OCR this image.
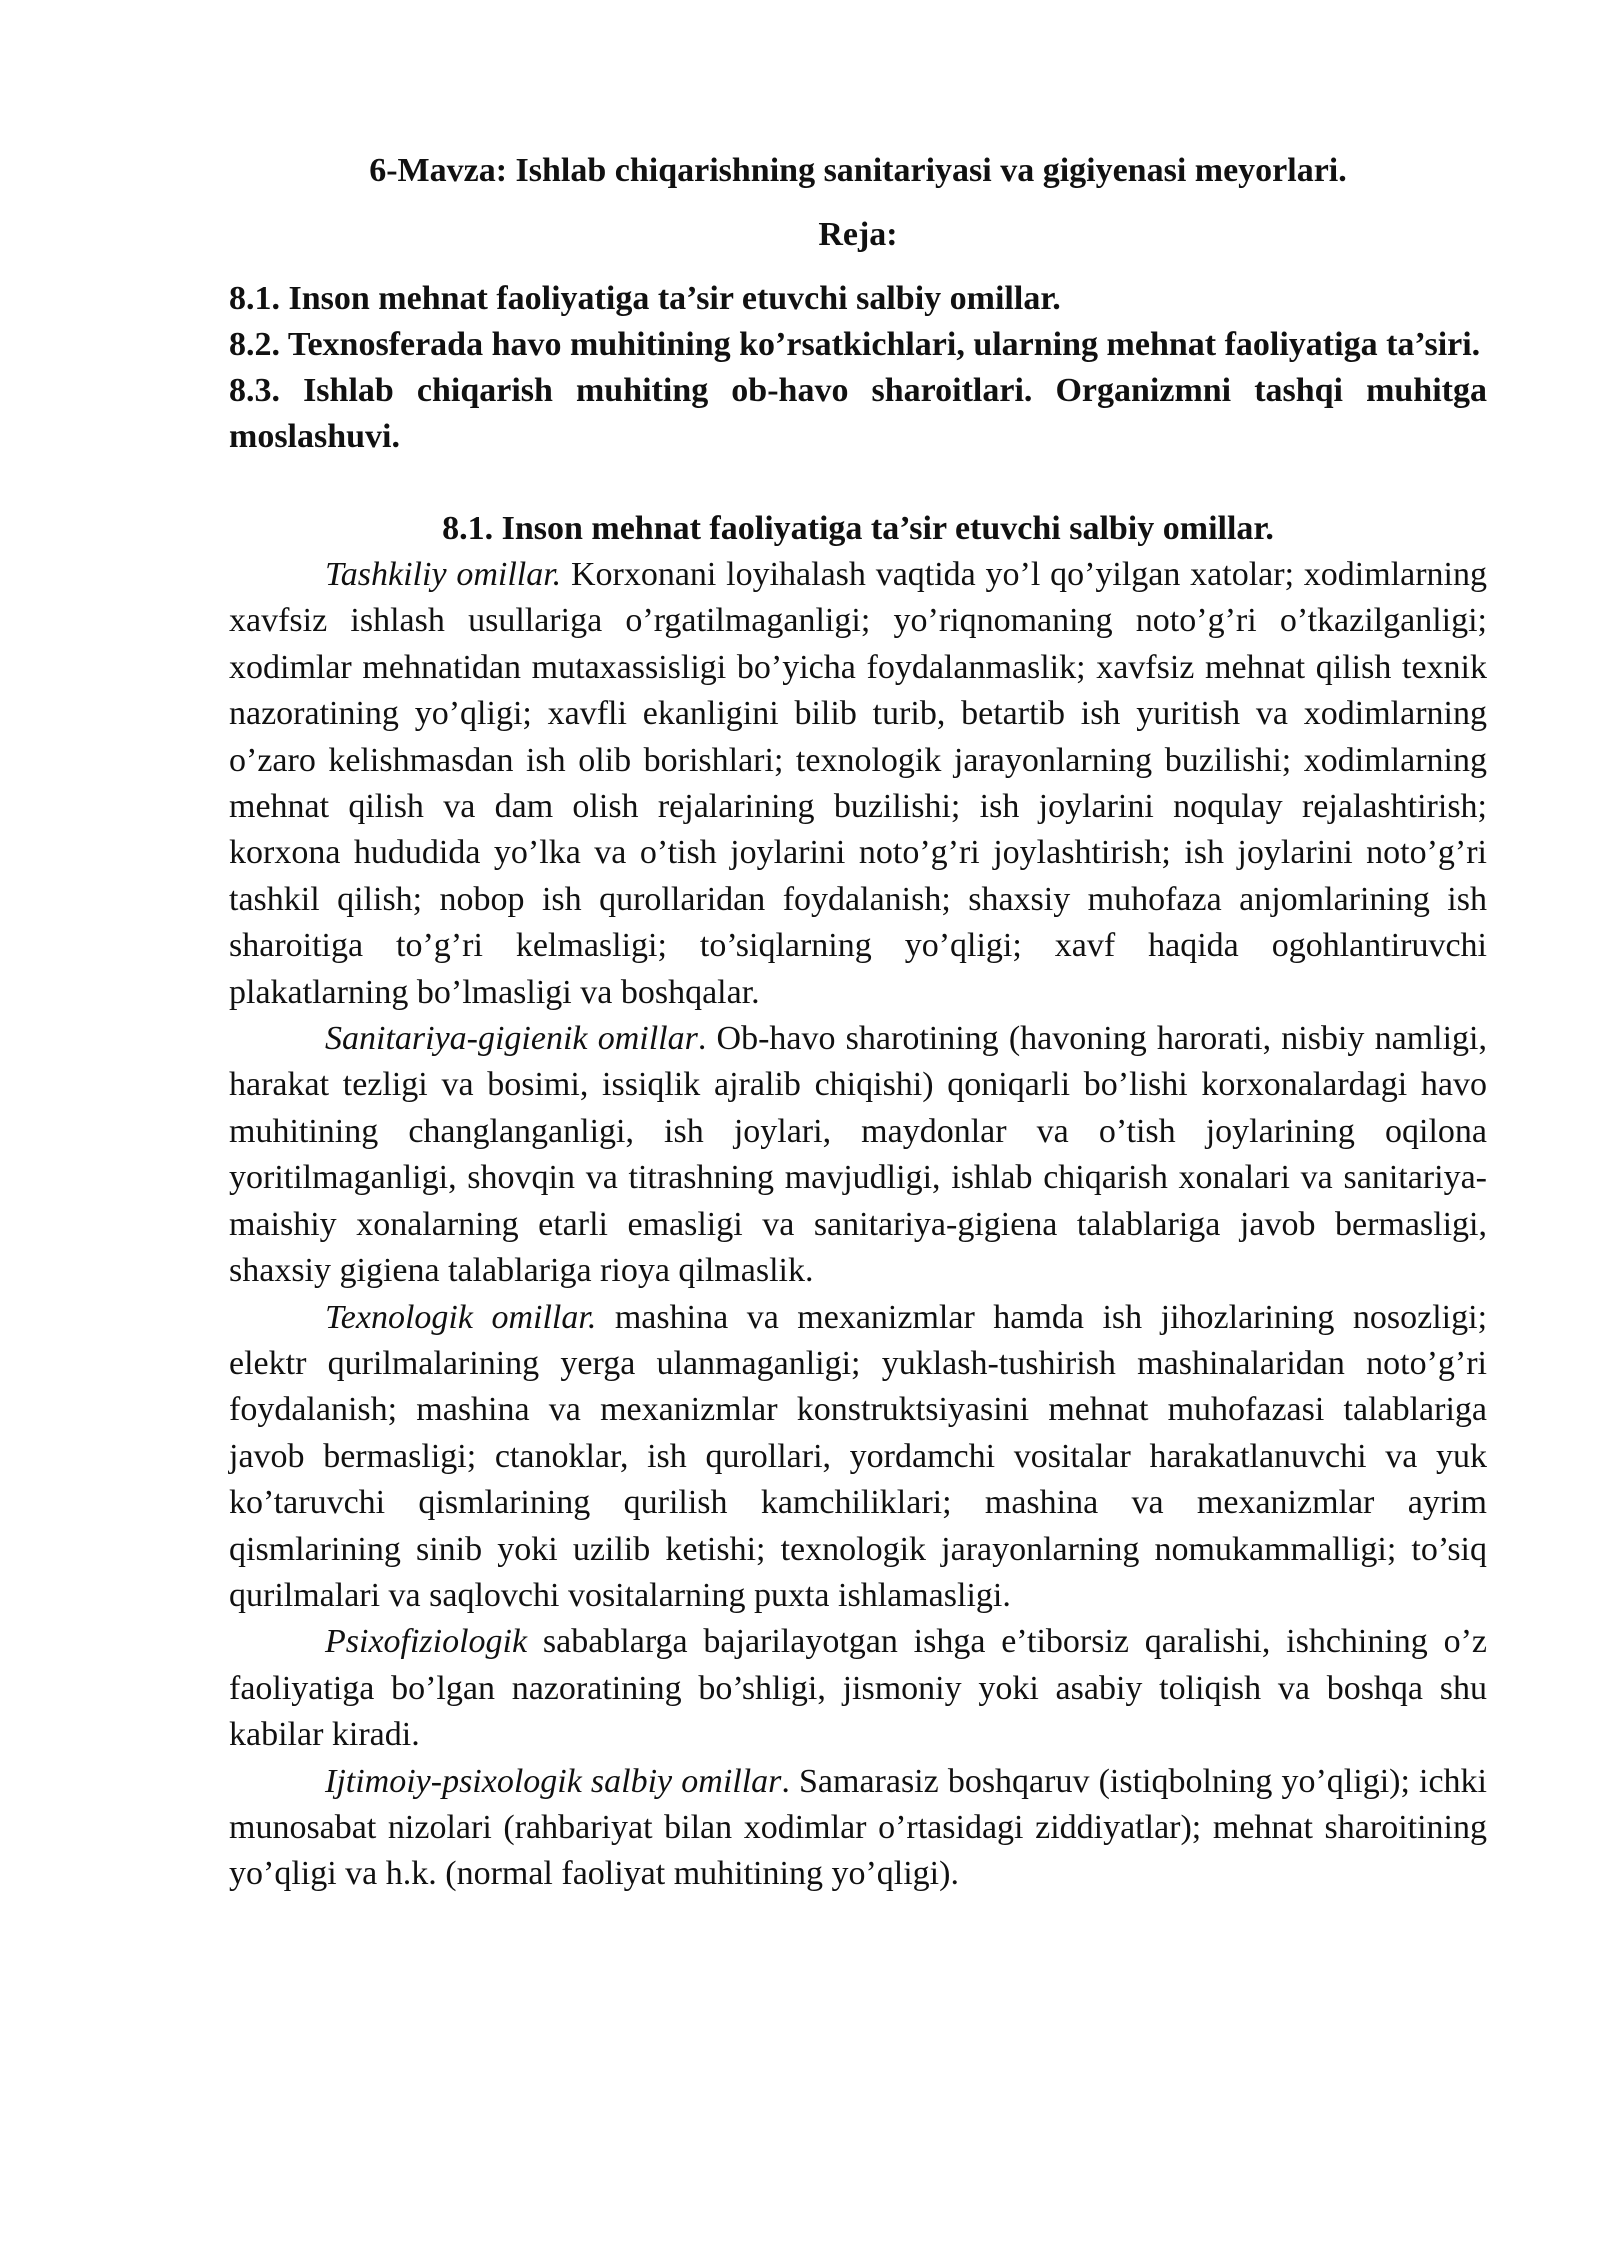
6-Mavza: Ishlab chiqarishning sanitariyasi va gigiyenasi meyorlari.
Reja:
8.1. Inson mehnat faoliyatiga ta’sir etuvchi salbiy omillar.
8.2. Texnosferada havo muhitining ko’rsatkichlari, ularning mehnat faoliyatiga ta’siri.
8.3. Ishlab chiqarish muhiting ob-havo sharoitlari. Organizmni tashqi muhitga moslashuvi.
8.1. Inson mehnat faoliyatiga ta’sir etuvchi salbiy omillar.

Tashkiliy omillar. Korxonani loyihalash vaqtida yo’l qo’yilgan xatolar; xodimlarning xavfsiz ishlash usullariga o’rgatilmaganligi; yo’riqnomaning noto’g’ri o’tkazilganligi; xodimlar mehnatidan mutaxassisligi bo’yicha foydalanmaslik; xavfsiz mehnat qilish texnik nazoratining yo’qligi; xavfli ekanligini bilib turib, betartib ish yuritish va xodimlarning o’zaro kelishmasdan ish olib borishlari; texnologik jarayonlarning buzilishi; xodimlarning mehnat qilish va dam olish rejalarining buzilishi; ish joylarini noqulay rejalashtirish; korxona hududida yo’lka va o’tish joylarini noto’g’ri joylashtirish; ish joylarini noto’g’ri tashkil qilish; nobop ish qurollaridan foydalanish; shaxsiy muhofaza anjomlarining ish sharoitiga to’g’ri kelmasligi; to’siqlarning yo’qligi; xavf haqida ogohlantiruvchi plakatlarning bo’lmasligi va boshqalar.

Sanitariya-gigienik omillar. Ob-havo sharotining (havoning harorati, nisbiy namligi, harakat tezligi va bosimi, issiqlik ajralib chiqishi) qoniqarli bo’lishi korxonalardagi havo muhitining changlanganligi, ish joylari, maydonlar va o’tish joylarining oqilona yoritilmaganligi, shovqin va titrashning mavjudligi, ishlab chiqarish xonalari va sanitariya-maishiy xonalarning etarli emasligi va sanitariya-gigiena talablariga javob bermasligi, shaxsiy gigiena talablariga rioya qilmaslik.

Texnologik omillar. mashina va mexanizmlar hamda ish jihozlarining nosozligi; elektr qurilmalarining yerga ulanmaganligi; yuklash-tushirish mashinalaridan noto’g’ri foydalanish; mashina va mexanizmlar konstruktsiyasini mehnat muhofazasi talablariga javob bermasligi; ctanoklar, ish qurollari, yordamchi vositalar harakatlanuvchi va yuk ko’taruvchi qismlarining qurilish kamchiliklari; mashina va mexanizmlar ayrim qismlarining sinib yoki uzilib ketishi; texnologik jarayonlarning nomukammalligi; to’siq qurilmalari va saqlovchi vositalarning puxta ishlamasligi.

Psixofiziologik sabablarga bajarilayotgan ishga e’tiborsiz qaralishi, ishchining o’z faoliyatiga bo’lgan nazoratining bo’shligi, jismoniy yoki asabiy toliqish va boshqa shu kabilar kiradi.

Ijtimoiy-psixologik salbiy omillar. Samarasiz boshqaruv (istiqbolning yo’qligi); ichki munosabat nizolari (rahbariyat bilan xodimlar o’rtasidagi ziddiyatlar); mehnat sharoitining yo’qligi va h.k. (normal faoliyat muhitining yo’qligi).
